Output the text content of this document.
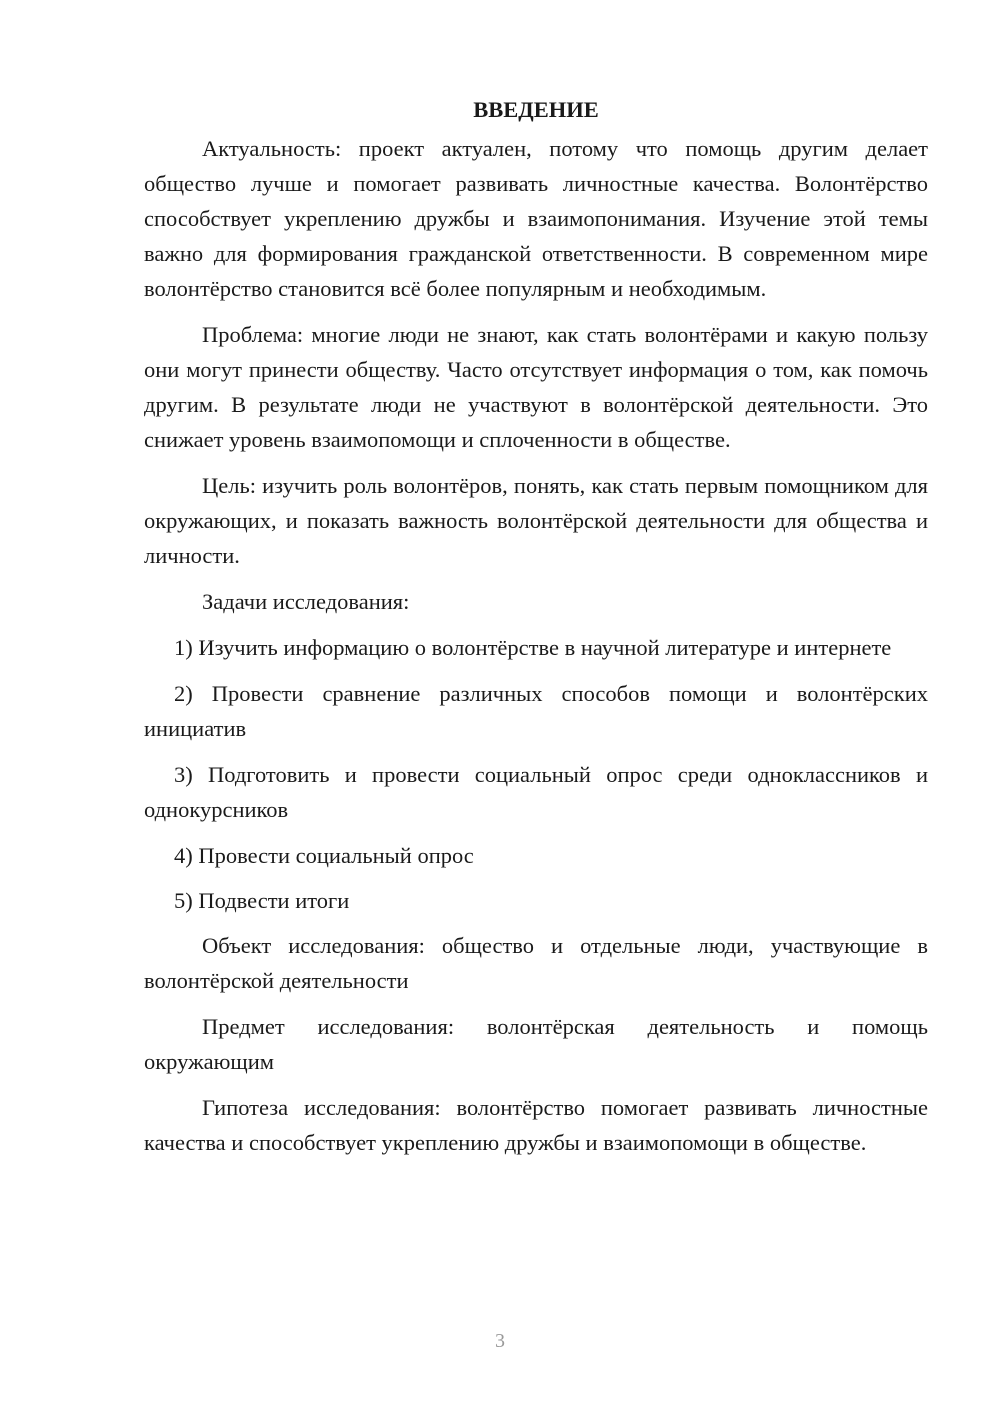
ВВЕДЕНИЕ

Актуальность: проект актуален, потому что помощь другим делает общество лучше и помогает развивать личностные качества. Волонтёрство способствует укреплению дружбы и взаимопонимания. Изучение этой темы важно для формирования гражданской ответственности. В современном мире волонтёрство становится всё более популярным и необходимым.

Проблема: многие люди не знают, как стать волонтёрами и какую пользу они могут принести обществу. Часто отсутствует информация о том, как помочь другим. В результате люди не участвуют в волонтёрской деятельности. Это снижает уровень взаимопомощи и сплоченности в обществе.

Цель: изучить роль волонтёров, понять, как стать первым помощником для окружающих, и показать важность волонтёрской деятельности для общества и личности.

Задачи исследования:

1) Изучить информацию о волонтёрстве в научной литературе и интернете

2) Провести сравнение различных способов помощи и волонтёрских инициатив

3) Подготовить и провести социальный опрос среди одноклассников и однокурсников

4) Провести социальный опрос

5) Подвести итоги

Объект исследования: общество и отдельные люди, участвующие в волонтёрской деятельности

Предмет исследования: волонтёрская деятельность и помощь окружающим

Гипотеза исследования: волонтёрство помогает развивать личностные качества и способствует укреплению дружбы и взаимопомощи в обществе.

3
